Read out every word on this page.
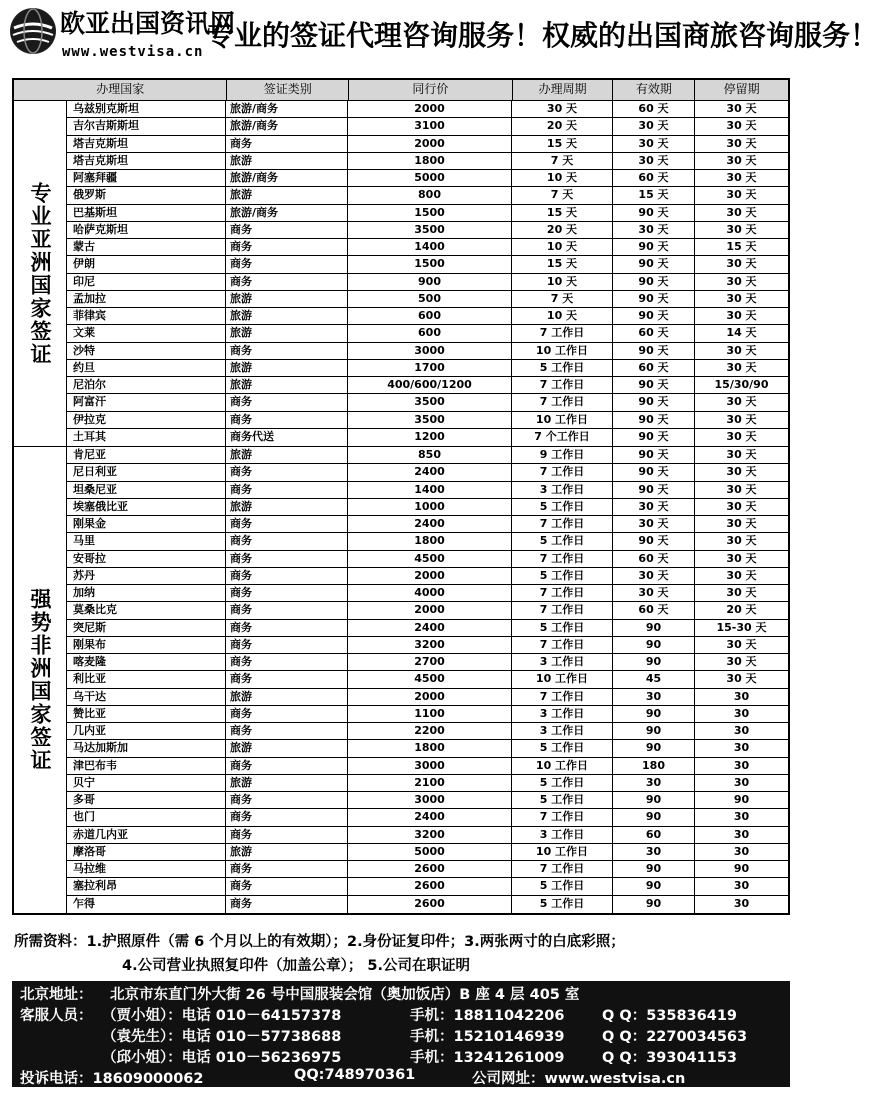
欧亚出国资讯网
www.westvisa.cn 专业的签证代理咨询服务！权威的出国商旅咨询服务！
办理国家	签证类别	同行价	办理周期	有效期	停留期
专业亚洲国家签证
乌兹别克斯坦	旅游/商务	2000	30 天	60 天	30 天
吉尔吉斯斯坦	旅游/商务	3100	20 天	30 天	30 天
塔吉克斯坦	商务	2000	15 天	30 天	30 天
塔吉克斯坦	旅游	1800	7 天	30 天	30 天
阿塞拜疆	旅游/商务	5000	10 天	60 天	30 天
俄罗斯	旅游	800	7 天	15 天	30 天
巴基斯坦	旅游/商务	1500	15 天	90 天	30 天
哈萨克斯坦	商务	3500	20 天	30 天	30 天
蒙古	商务	1400	10 天	90 天	15 天
伊朗	商务	1500	15 天	90 天	30 天
印尼	商务	900	10 天	90 天	30 天
孟加拉	旅游	500	7 天	90 天	30 天
菲律宾	旅游	600	10 天	90 天	30 天
文莱	旅游	600	7 工作日	60 天	14 天
沙特	商务	3000	10 工作日	90 天	30 天
约旦	旅游	1700	5 工作日	60 天	30 天
尼泊尔	旅游	400/600/1200	7 工作日	90 天	15/30/90
阿富汗	商务	3500	7 工作日	90 天	30 天
伊拉克	商务	3500	10 工作日	90 天	30 天
土耳其	商务代送	1200	7 个工作日	90 天	30 天
强势非洲国家签证
肯尼亚	旅游	850	9 工作日	90 天	30 天
尼日利亚	商务	2400	7 工作日	90 天	30 天
坦桑尼亚	商务	1400	3 工作日	90 天	30 天
埃塞俄比亚	旅游	1000	5 工作日	30 天	30 天
刚果金	商务	2400	7 工作日	30 天	30 天
马里	商务	1800	5 工作日	90 天	30 天
安哥拉	商务	4500	7 工作日	60 天	30 天
苏丹	商务	2000	5 工作日	30 天	30 天
加纳	商务	4000	7 工作日	30 天	30 天
莫桑比克	商务	2000	7 工作日	60 天	20 天
突尼斯	商务	2400	5 工作日	90	15-30 天
刚果布	商务	3200	7 工作日	90	30 天
喀麦隆	商务	2700	3 工作日	90	30 天
利比亚	商务	4500	10 工作日	45	30 天
乌干达	旅游	2000	7 工作日	30	30
赞比亚	商务	1100	3 工作日	90	30
几内亚	商务	2200	3 工作日	90	30
马达加斯加	旅游	1800	5 工作日	90	30
津巴布韦	商务	3000	10 工作日	180	30
贝宁	旅游	2100	5 工作日	30	30
多哥	商务	3000	5 工作日	90	90
也门	商务	2400	7 工作日	90	30
赤道几内亚	商务	3200	3 工作日	60	30
摩洛哥	旅游	5000	10 工作日	30	30
马拉维	商务	2600	7 工作日	90	90
塞拉利昂	商务	2600	5 工作日	90	30
乍得	商务	2600	5 工作日	90	30
所需资料：1.护照原件（需 6 个月以上的有效期）；2.身份证复印件；3.两张两寸的白底彩照；
4.公司营业执照复印件（加盖公章）； 5.公司在职证明
北京地址： 北京市东直门外大街 26 号中国服装会馆（奥加饭店）B 座 4 层 405 室
客服人员： （贾小姐）：电话 010－64157378	手机：18811042206	Q Q：535836419
（袁先生）：电话 010－57738688	手机：15210146939	Q Q：2270034563
（邱小姐）：电话 010－56236975	手机：13241261009	Q Q：393041153
投诉电话：18609000062	QQ:748970361	公司网址：www.westvisa.cn
